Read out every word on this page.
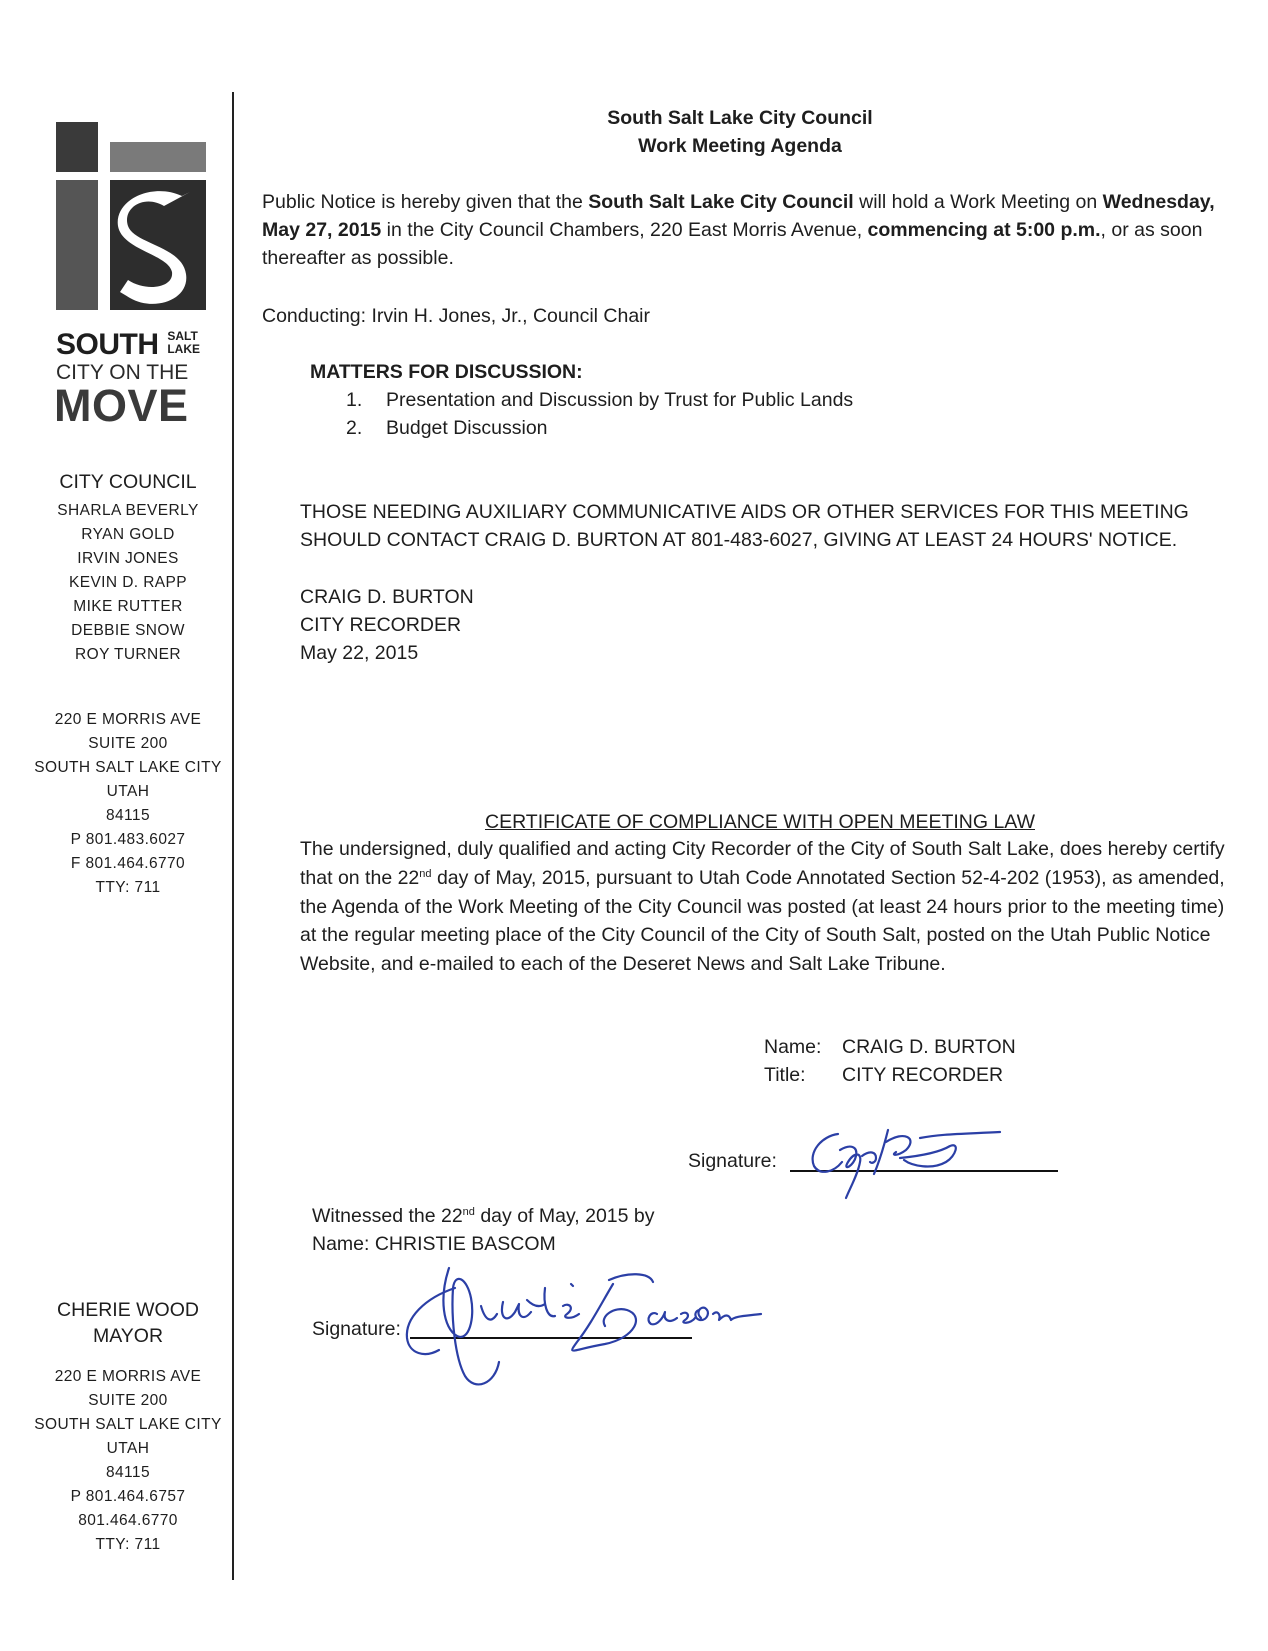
SOUTH SALT
LAKE
CITY ON THE
MOVE
CITY COUNCIL
SHARLA BEVERLY
RYAN GOLD
IRVIN JONES
KEVIN D. RAPP
MIKE RUTTER
DEBBIE SNOW
ROY TURNER
220 E MORRIS AVE
SUITE 200
SOUTH SALT LAKE CITY
UTAH
84115
P 801.483.6027
F 801.464.6770
TTY: 711
CHERIE WOOD
MAYOR
220 E MORRIS AVE
SUITE 200
SOUTH SALT LAKE CITY
UTAH
84115
P 801.464.6757
801.464.6770
TTY: 711
South Salt Lake City Council
Work Meeting Agenda
Public Notice is hereby given that the South Salt Lake City Council will hold a Work Meeting on Wednesday, May 27, 2015 in the City Council Chambers, 220 East Morris Avenue, commencing at 5:00 p.m., or as soon thereafter as possible.
Conducting: Irvin H. Jones, Jr., Council Chair
MATTERS FOR DISCUSSION:
1. Presentation and Discussion by Trust for Public Lands
2. Budget Discussion
THOSE NEEDING AUXILIARY COMMUNICATIVE AIDS OR OTHER SERVICES FOR THIS MEETING
SHOULD CONTACT CRAIG D. BURTON AT 801-483-6027, GIVING AT LEAST 24 HOURS' NOTICE.
CRAIG D. BURTON
CITY RECORDER
May 22, 2015
CERTIFICATE OF COMPLIANCE WITH OPEN MEETING LAW
The undersigned, duly qualified and acting City Recorder of the City of South Salt Lake, does hereby certify that on the 22nd day of May, 2015, pursuant to Utah Code Annotated Section 52-4-202 (1953), as amended, the Agenda of the Work Meeting of the City Council was posted (at least 24 hours prior to the meeting time) at the regular meeting place of the City Council of the City of South Salt, posted on the Utah Public Notice Website, and e-mailed to each of the Deseret News and Salt Lake Tribune.
Name: CRAIG D. BURTON
Title: CITY RECORDER
Signature:
Witnessed the 22nd day of May, 2015 by
Name: CHRISTIE BASCOM
Signature:
